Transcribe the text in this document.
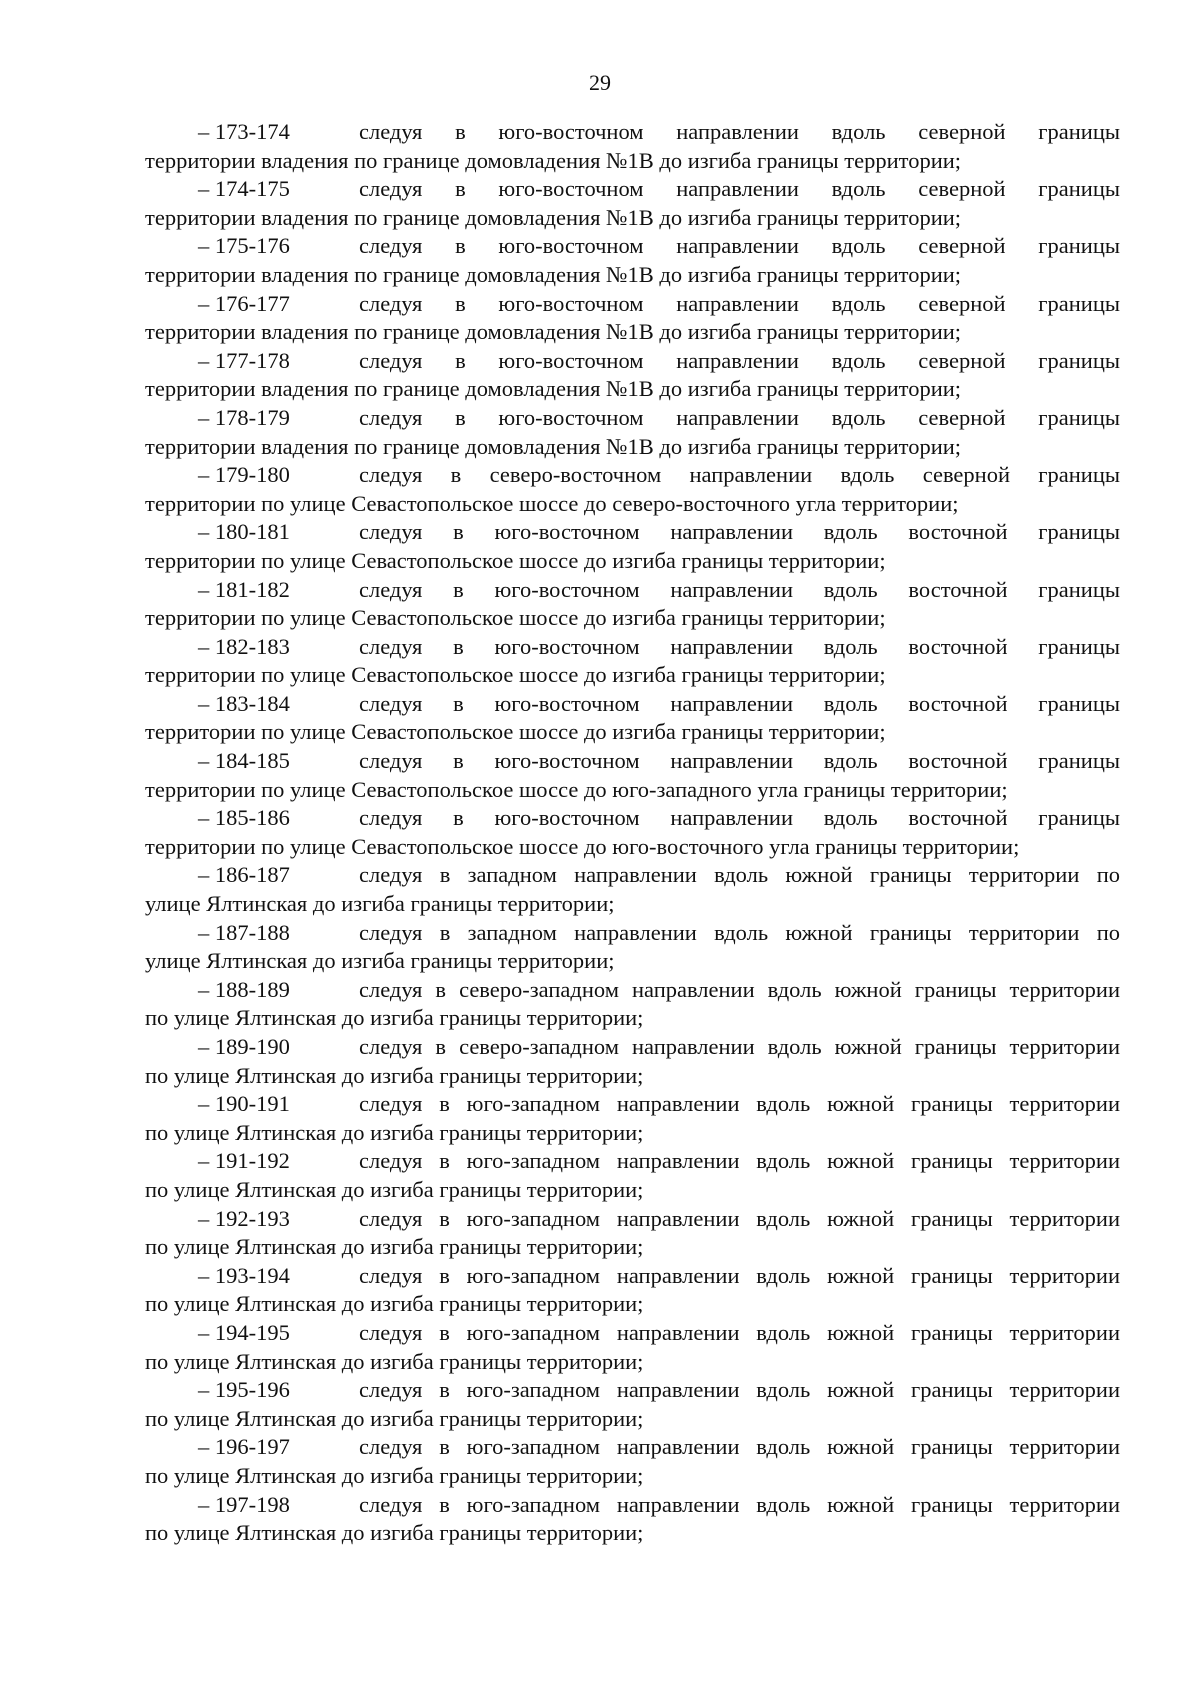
29
– 173-174	следуя в юго-восточном направлении вдоль северной границы
территории владения по границе домовладения №1В до изгиба границы территории;
– 174-175	следуя в юго-восточном направлении вдоль северной границы
территории владения по границе домовладения №1В до изгиба границы территории;
– 175-176	следуя в юго-восточном направлении вдоль северной границы
территории владения по границе домовладения №1В до изгиба границы территории;
– 176-177	следуя в юго-восточном направлении вдоль северной границы
территории владения по границе домовладения №1В до изгиба границы территории;
– 177-178	следуя в юго-восточном направлении вдоль северной границы
территории владения по границе домовладения №1В до изгиба границы территории;
– 178-179	следуя в юго-восточном направлении вдоль северной границы
территории владения по границе домовладения №1В до изгиба границы территории;
– 179-180	следуя в северо-восточном направлении вдоль северной границы
территории по улице Севастопольское шоссе до северо-восточного угла территории;
– 180-181	следуя в юго-восточном направлении вдоль восточной границы
территории по улице Севастопольское шоссе до изгиба границы территории;
– 181-182	следуя в юго-восточном направлении вдоль восточной границы
территории по улице Севастопольское шоссе до изгиба границы территории;
– 182-183	следуя в юго-восточном направлении вдоль восточной границы
территории по улице Севастопольское шоссе до изгиба границы территории;
– 183-184	следуя в юго-восточном направлении вдоль восточной границы
территории по улице Севастопольское шоссе до изгиба границы территории;
– 184-185	следуя в юго-восточном направлении вдоль восточной границы
территории по улице Севастопольское шоссе до юго-западного угла границы территории;
– 185-186	следуя в юго-восточном направлении вдоль восточной границы
территории по улице Севастопольское шоссе до юго-восточного угла границы территории;
– 186-187	следуя в западном направлении вдоль южной границы территории по
улице Ялтинская до изгиба границы территории;
– 187-188	следуя в западном направлении вдоль южной границы территории по
улице Ялтинская до изгиба границы территории;
– 188-189	следуя в северо-западном направлении вдоль южной границы территории
по улице Ялтинская до изгиба границы территории;
– 189-190	следуя в северо-западном направлении вдоль южной границы территории
по улице Ялтинская до изгиба границы территории;
– 190-191	следуя в юго-западном направлении вдоль южной границы территории
по улице Ялтинская до изгиба границы территории;
– 191-192	следуя в юго-западном направлении вдоль южной границы территории
по улице Ялтинская до изгиба границы территории;
– 192-193	следуя в юго-западном направлении вдоль южной границы территории
по улице Ялтинская до изгиба границы территории;
– 193-194	следуя в юго-западном направлении вдоль южной границы территории
по улице Ялтинская до изгиба границы территории;
– 194-195	следуя в юго-западном направлении вдоль южной границы территории
по улице Ялтинская до изгиба границы территории;
– 195-196	следуя в юго-западном направлении вдоль южной границы территории
по улице Ялтинская до изгиба границы территории;
– 196-197	следуя в юго-западном направлении вдоль южной границы территории
по улице Ялтинская до изгиба границы территории;
– 197-198	следуя в юго-западном направлении вдоль южной границы территории
по улице Ялтинская до изгиба границы территории;
